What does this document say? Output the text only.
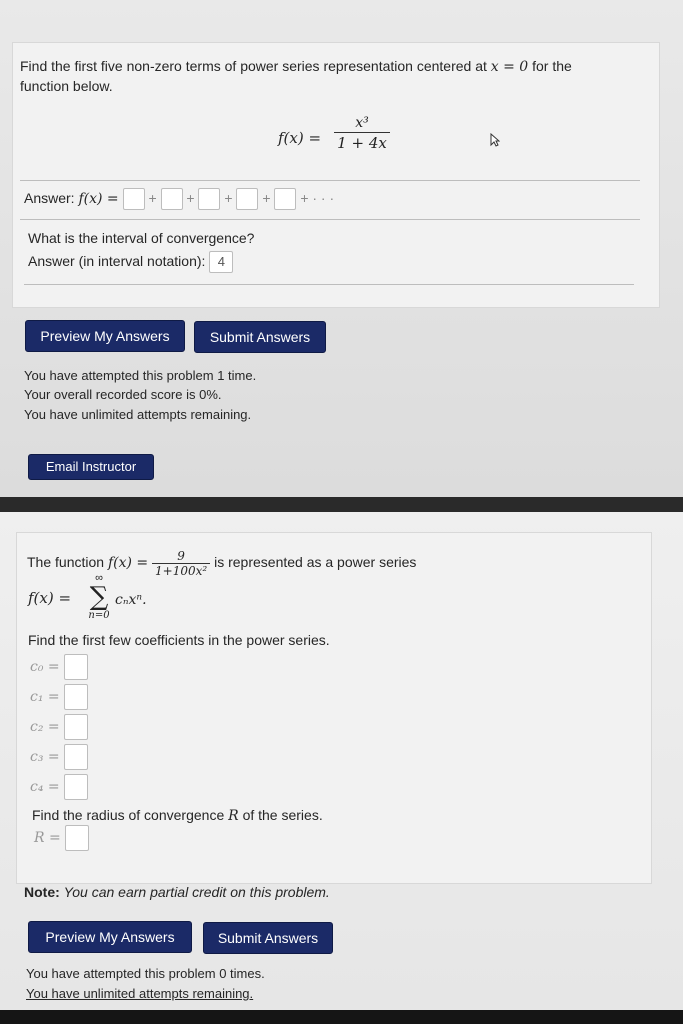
Find the first five non-zero terms of power series representation centered at x = 0 for the
function below.
$f(x) = \frac{\text{x³}}{1 + 4x}$
Answer: f(x) = + + + + + · · ·
What is the interval of convergence?
Answer (in interval notation): 4
Preview My Answers	Submit Answers
You have attempted this problem 1 time.
Your overall recorded score is 0%.
You have unlimited attempts remaining.
Email Instructor
The function $f(x) = \frac{9}{\text{1+100x²}}$ is represented as a power series
f(x) =
∞
∑
n=0
cₙxⁿ.
Find the first few coefficients in the power series.
c₀ =
c₁ =
c₂ =
c₃ =
c₄ =
Find the radius of convergence R of the series.
R =
Note: You can earn partial credit on this problem.
Preview My Answers	Submit Answers
You have attempted this problem 0 times.
You have unlimited attempts remaining.
